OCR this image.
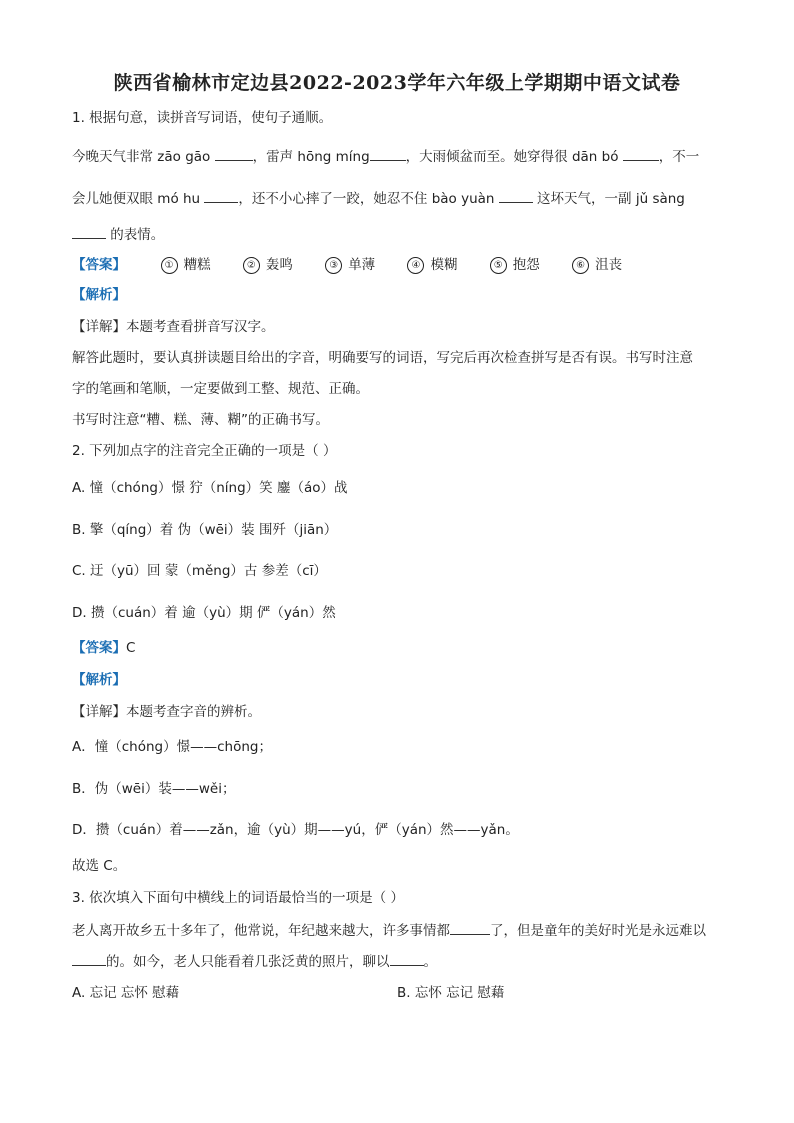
陕西省榆林市定边县2022-2023学年六年级上学期期中语文试卷
1. 根据句意，读拼音写词语，使句子通顺。
今晚天气非常 zāo gāo	，雷声 hōng míng	，大雨倾盆而至。她穿得很 dān bó	，不一
会儿她便双眼 mó hu	，还不小心摔了一跤，她忍不住 bào yuàn	这坏天气，一副 jǔ sàng
的表情。
【答案】	① 糟糕	② 轰鸣	③ 单薄	④ 模糊	⑤ 抱怨	⑥ 沮丧
【解析】
【详解】本题考查看拼音写汉字。
解答此题时，要认真拼读题目给出的字音，明确要写的词语，写完后再次检查拼写是否有误。书写时注意
字的笔画和笔顺，一定要做到工整、规范、正确。
书写时注意“糟、糕、薄、糊”的正确书写。
2. 下列加点字的注音完全正确的一项是（ ）
A. 憧（chóng）憬 狞（níng）笑 鏖（áo）战
B. 擎（qíng）着 伪（wēi）装 围歼（jiān）
C. 迂（yū）回 蒙（měng）古 参差（cī）
D. 攒（cuán）着 逾（yù）期 俨（yán）然
【答案】C
【解析】
【详解】本题考查字音的辨析。
A．憧（chóng）憬——chōng；
B．伪（wēi）装——wěi；
D．攒（cuán）着——zǎn，逾（yù）期——yú，俨（yán）然——yǎn。
故选 C。
3. 依次填入下面句中横线上的词语最恰当的一项是（ ）
老人离开故乡五十多年了，他常说，年纪越来越大，许多事情都	了，但是童年的美好时光是永远难以
的。如今，老人只能看着几张泛黄的照片，聊以	。
A. 忘记 忘怀 慰藉	B. 忘怀 忘记 慰藉
